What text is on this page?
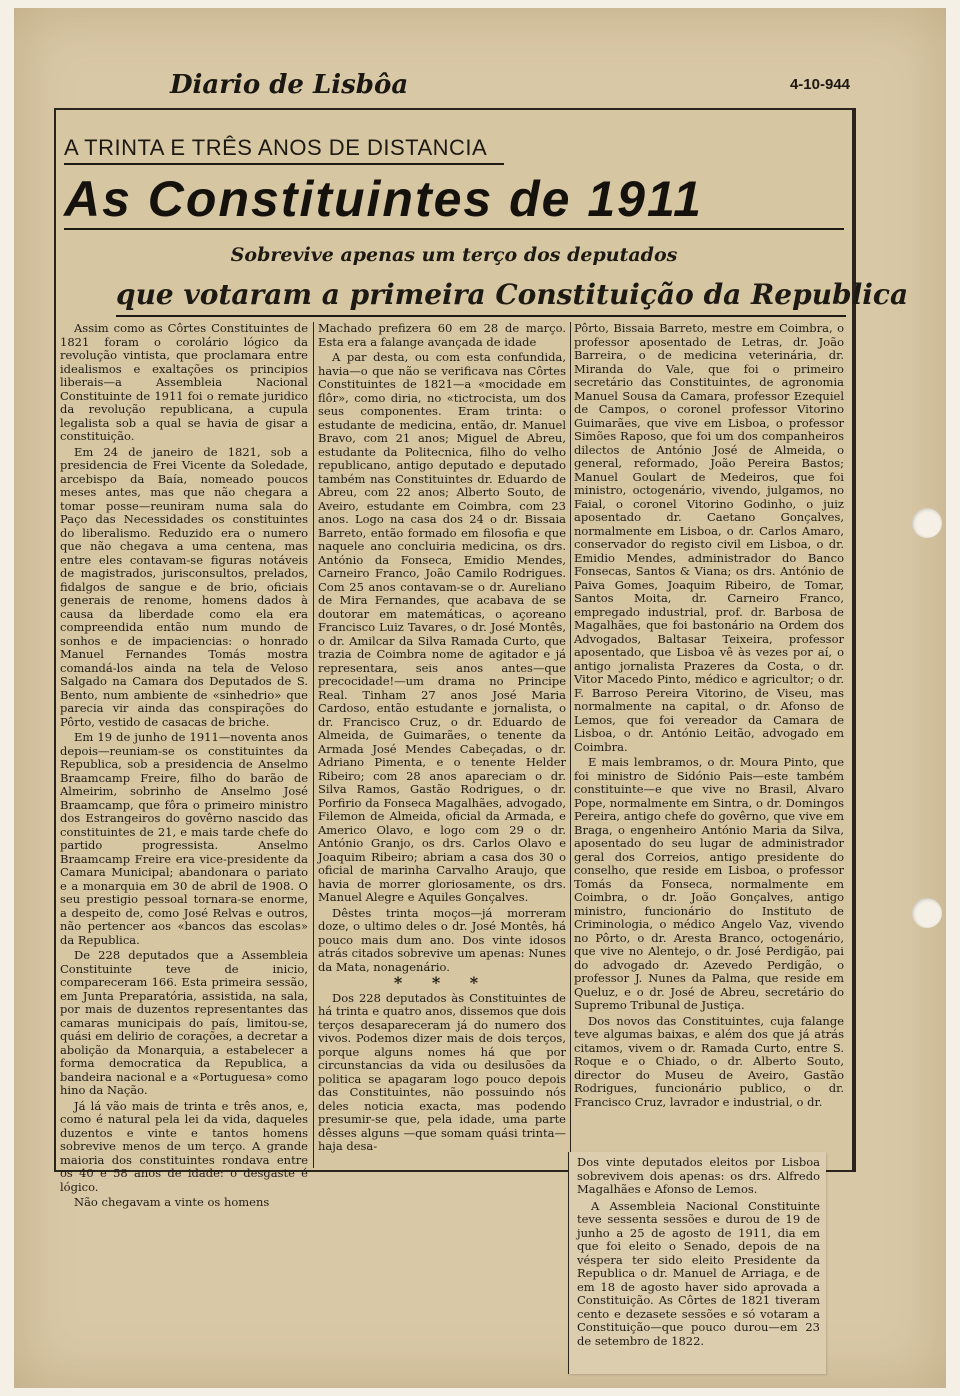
Diario de Lisbôa	4-10-944
A TRINTA E TRÊS ANOS DE DISTANCIA
As Constituintes de 1911
Sobrevive apenas um terço dos deputados
que votaram a primeira Constituição da Republica

Assim como as Côrtes Constituintes de 1821 foram o corolário lógico da revolução vintista, que proclamara entre idealismos e exaltações os principios liberais—a Assembleia Nacional Constituinte de 1911 foi o remate juridico da revolução republicana, a cupula legalista sob a qual se havia de gisar a constituição.

Em 24 de janeiro de 1821, sob a presidencia de Frei Vicente da Soledade, arcebispo da Baía, nomeado poucos meses antes, mas que não chegara a tomar posse—reuniram numa sala do Paço das Necessidades os constituintes do liberalismo. Reduzido era o numero que não chegava a uma centena, mas entre eles contavam-se figuras notáveis de magistrados, jurisconsultos, prelados, fidalgos de sangue e de brio, oficiais generais de renome, homens dados à causa da liberdade como ela era compreendida então num mundo de sonhos e de impaciencias: o honrado Manuel Fernandes Tomás mostra comandá-los ainda na tela de Veloso Salgado na Camara dos Deputados de S. Bento, num ambiente de «sinhedrio» que parecia vir ainda das conspirações do Pôrto, vestido de casacas de briche.

Em 19 de junho de 1911—noventa anos depois—reuniam-se os constituintes da Republica, sob a presidencia de Anselmo Braamcamp Freire, filho do barão de Almeirim, sobrinho de Anselmo José Braamcamp, que fôra o primeiro ministro dos Estrangeiros do govêrno nascido das constituintes de 21, e mais tarde chefe do partido progressista. Anselmo Braamcamp Freire era vice-presidente da Camara Municipal; abandonara o pariato e a monarquia em 30 de abril de 1908. O seu prestigio pessoal tornara-se enorme, a despeito de, como José Relvas e outros, não pertencer aos «bancos das escolas» da Republica.

De 228 deputados que a Assembleia Constituinte teve de inicio, compareceram 166. Esta primeira sessão, em Junta Preparatória, assistida, na sala, por mais de duzentos representantes das camaras municipais do país, limitou-se, quási em delirio de corações, a decretar a abolição da Monarquia, a estabelecer a forma democratica da Republica, a bandeira nacional e a «Portuguesa» como hino da Nação.

Já lá vão mais de trinta e três anos, e, como é natural pela lei da vida, daqueles duzentos e vinte e tantos homens sobrevive menos de um terço. A grande maioria dos constituintes rondava entre os 40 e 58 anos de idade: o desgaste é lógico.

Não chegavam a vinte os homens

Machado prefizera 60 em 28 de março. Esta era a falange avançada de idade

A par desta, ou com esta confundida, havia—o que não se verificava nas Côrtes Constituintes de 1821—a «mocidade em flôr», como diria, no «tictrocista, um dos seus componentes. Eram trinta: o estudante de medicina, então, dr. Manuel Bravo, com 21 anos; Miguel de Abreu, estudante da Politecnica, filho do velho republicano, antigo deputado e deputado também nas Constituintes dr. Eduardo de Abreu, com 22 anos; Alberto Souto, de Aveiro, estudante em Coimbra, com 23 anos. Logo na casa dos 24 o dr. Bissaia Barreto, então formado em filosofia e que naquele ano concluiria medicina, os drs. António da Fonseca, Emidio Mendes, Carneiro Franco, João Camilo Rodrigues. Com 25 anos contavam-se o dr. Aureliano de Mira Fernandes, que acabava de se doutorar em matemáticas, o açoreano Francisco Luiz Tavares, o dr. José Montês, o dr. Amilcar da Silva Ramada Curto, que trazia de Coimbra nome de agitador e já representara, seis anos antes—que precocidade!—um drama no Principe Real. Tinham 27 anos José Maria Cardoso, então estudante e jornalista, o dr. Francisco Cruz, o dr. Eduardo de Almeida, de Guimarães, o tenente da Armada José Mendes Cabeçadas, o dr. Adriano Pimenta, e o tenente Helder Ribeiro; com 28 anos apareciam o dr. Silva Ramos, Gastão Rodrigues, o dr. Porfirio da Fonseca Magalhães, advogado, Filemon de Almeida, oficial da Armada, e Americo Olavo, e logo com 29 o dr. António Granjo, os drs. Carlos Olavo e Joaquim Ribeiro; abriam a casa dos 30 o oficial de marinha Carvalho Araujo, que havia de morrer gloriosamente, os drs. Manuel Alegre e Aquiles Gonçalves.

Dêstes trinta moços—já morreram doze, o ultimo deles o dr. José Montês, há pouco mais dum ano. Dos vinte idosos atrás citados sobrevive um apenas: Nunes da Mata, nonagenário.

* * *

Dos 228 deputados às Constituintes de há trinta e quatro anos, dissemos que dois terços desapareceram já do numero dos vivos. Podemos dizer mais de dois terços, porque alguns nomes há que por circunstancias da vida ou desilusões da politica se apagaram logo pouco depois das Constituintes, não possuindo nós deles noticia exacta, mas podendo presumir-se que, pela idade, uma parte dêsses alguns —que somam quási trinta—haja desa-

Pôrto, Bissaia Barreto, mestre em Coimbra, o professor aposentado de Letras, dr. João Barreira, o de medicina veterinária, dr. Miranda do Vale, que foi o primeiro secretário das Constituintes, de agronomia Manuel Sousa da Camara, professor Ezequiel de Campos, o coronel professor Vitorino Guimarães, que vive em Lisboa, o professor Simões Raposo, que foi um dos companheiros dilectos de António José de Almeida, o general, reformado, João Pereira Bastos; Manuel Goulart de Medeiros, que foi ministro, octogenário, vivendo, julgamos, no Faial, o coronel Vitorino Godinho, o juiz aposentado dr. Caetano Gonçalves, normalmente em Lisboa, o dr. Carlos Amaro, conservador do registo civil em Lisboa, o dr. Emidio Mendes, administrador do Banco Fonsecas, Santos & Viana; os drs. António de Paiva Gomes, Joaquim Ribeiro, de Tomar, Santos Moita, dr. Carneiro Franco, empregado industrial, prof. dr. Barbosa de Magalhães, que foi bastonário na Ordem dos Advogados, Baltasar Teixeira, professor aposentado, que Lisboa vê às vezes por aí, o antigo jornalista Prazeres da Costa, o dr. Vitor Macedo Pinto, médico e agricultor; o dr. F. Barroso Pereira Vitorino, de Viseu, mas normalmente na capital, o dr. Afonso de Lemos, que foi vereador da Camara de Lisboa, o dr. António Leitão, advogado em Coimbra.

E mais lembramos, o dr. Moura Pinto, que foi ministro de Sidónio Pais—este também constituinte—e que vive no Brasil, Alvaro Pope, normalmente em Sintra, o dr. Domingos Pereira, antigo chefe do govêrno, que vive em Braga, o engenheiro António Maria da Silva, aposentado do seu lugar de administrador geral dos Correios, antigo presidente do conselho, que reside em Lisboa, o professor Tomás da Fonseca, normalmente em Coimbra, o dr. João Gonçalves, antigo ministro, funcionário do Instituto de Criminologia, o médico Angelo Vaz, vivendo no Pôrto, o dr. Aresta Branco, octogenário, que vive no Alentejo, o dr. José Perdigão, pai do advogado dr. Azevedo Perdigão, o professor J. Nunes da Palma, que reside em Queluz, e o dr. José de Abreu, secretário do Supremo Tribunal de Justiça.

Dos novos das Constituintes, cuja falange teve algumas baixas, e além dos que já atrás citamos, vivem o dr. Ramada Curto, entre S. Roque e o Chiado, o dr. Alberto Souto, director do Museu de Aveiro, Gastão Rodrigues, funcionário publico, o dr. Francisco Cruz, lavrador e industrial, o dr.

Dos vinte deputados eleitos por Lisboa sobrevivem dois apenas: os drs. Alfredo Magalhães e Afonso de Lemos.

A Assembleia Nacional Constituinte teve sessenta sessões e durou de 19 de junho a 25 de agosto de 1911, dia em que foi eleito o Senado, depois de na véspera ter sido eleito Presidente da Republica o dr. Manuel de Arriaga, e de em 18 de agosto haver sido aprovada a Constituição. As Côrtes de 1821 tiveram cento e dezasete sessões e só votaram a Constituição—que pouco durou—em 23 de setembro de 1822.
